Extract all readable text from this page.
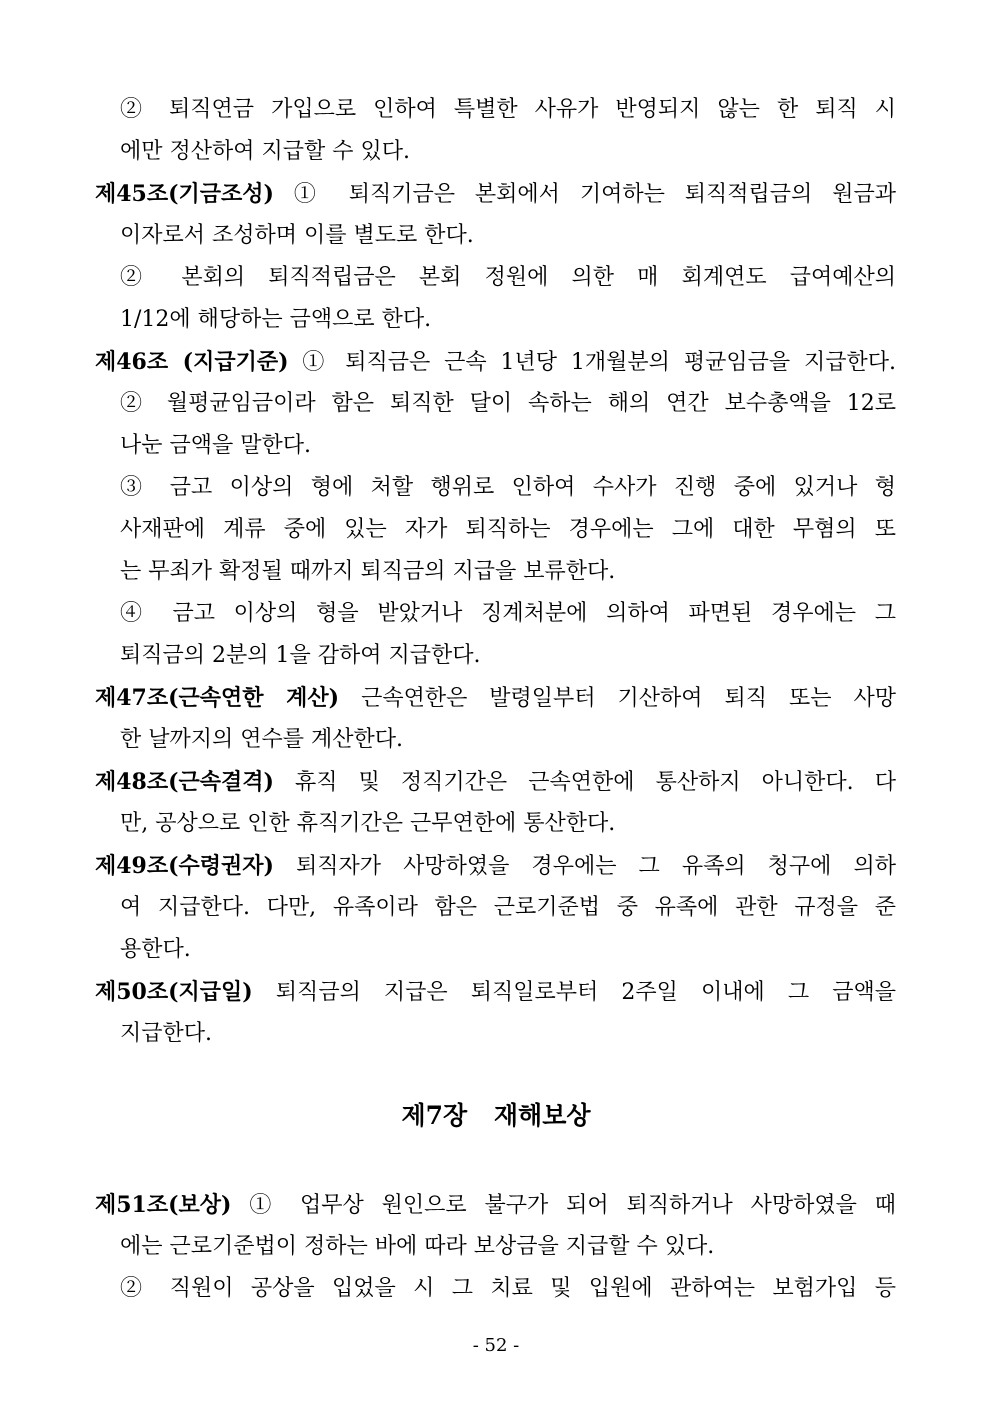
② 퇴직연금 가입으로 인하여 특별한 사유가 반영되지 않는 한 퇴직 시
에만 정산하여 지급할 수 있다.
제45조(기금조성) ① 퇴직기금은 본회에서 기여하는 퇴직적립금의 원금과
이자로서 조성하며 이를 별도로 한다.
② 본회의 퇴직적립금은 본회 정원에 의한 매 회계연도 급여예산의
1/12에 해당하는 금액으로 한다.
제46조 (지급기준) ① 퇴직금은 근속 1년당 1개월분의 평균임금을 지급한다.
② 월평균임금이라 함은 퇴직한 달이 속하는 해의 연간 보수총액을 12로
나눈 금액을 말한다.
③ 금고 이상의 형에 처할 행위로 인하여 수사가 진행 중에 있거나 형
사재판에 계류 중에 있는 자가 퇴직하는 경우에는 그에 대한 무혐의 또
는 무죄가 확정될 때까지 퇴직금의 지급을 보류한다.
④ 금고 이상의 형을 받았거나 징계처분에 의하여 파면된 경우에는 그
퇴직금의 2분의 1을 감하여 지급한다.
제47조(근속연한 계산) 근속연한은 발령일부터 기산하여 퇴직 또는 사망
한 날까지의 연수를 계산한다.
제48조(근속결격) 휴직 및 정직기간은 근속연한에 통산하지 아니한다. 다
만, 공상으로 인한 휴직기간은 근무연한에 통산한다.
제49조(수령권자) 퇴직자가 사망하였을 경우에는 그 유족의 청구에 의하
여 지급한다. 다만, 유족이라 함은 근로기준법 중 유족에 관한 규정을 준
용한다.
제50조(지급일) 퇴직금의 지급은 퇴직일로부터 2주일 이내에 그 금액을
지급한다.
제51조(보상) ① 업무상 원인으로 불구가 되어 퇴직하거나 사망하였을 때
에는 근로기준법이 정하는 바에 따라 보상금을 지급할 수 있다.
② 직원이 공상을 입었을 시 그 치료 및 입원에 관하여는 보험가입 등
제7장 재해보상
- 52 -
